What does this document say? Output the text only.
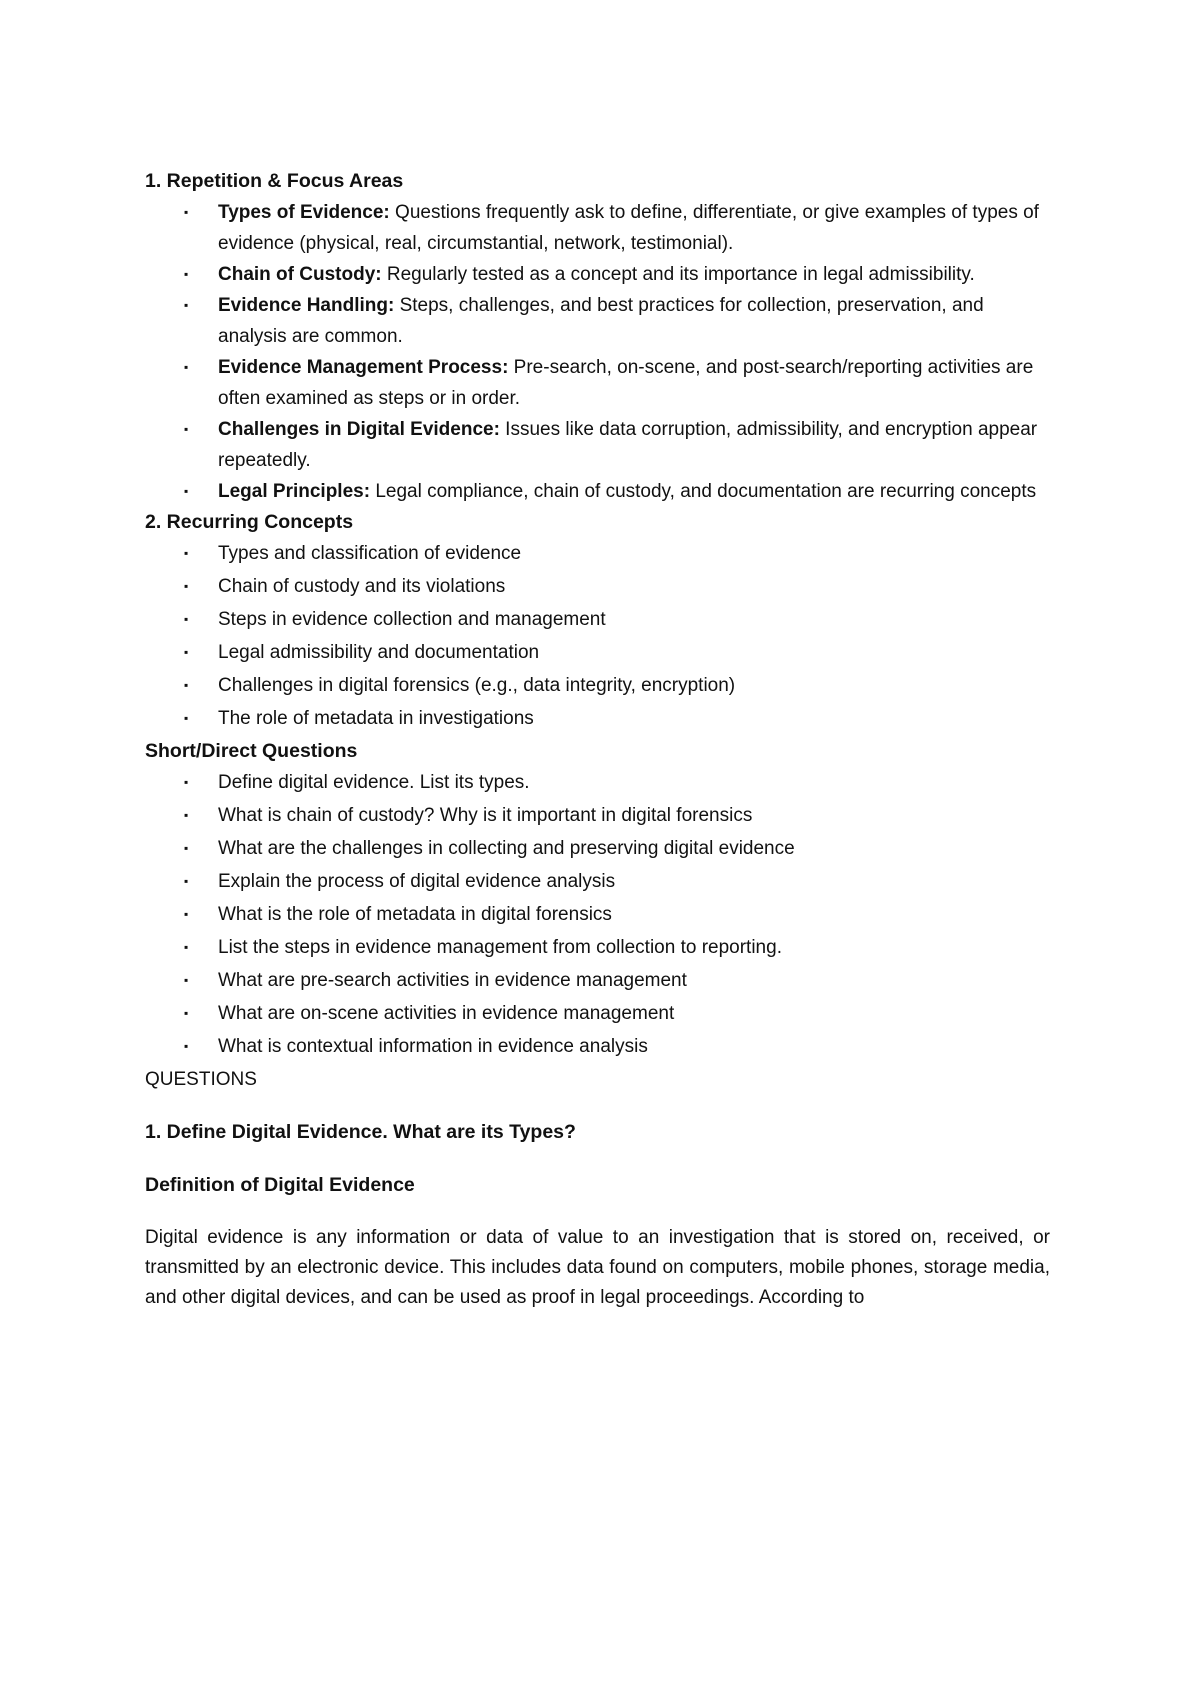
1. Repetition & Focus Areas

▪ Types of Evidence: Questions frequently ask to define, differentiate, or give examples of types of evidence (physical, real, circumstantial, network, testimonial).
▪ Chain of Custody: Regularly tested as a concept and its importance in legal admissibility.
▪ Evidence Handling: Steps, challenges, and best practices for collection, preservation, and analysis are common.
▪ Evidence Management Process: Pre-search, on-scene, and post-search/reporting activities are often examined as steps or in order.
▪ Challenges in Digital Evidence: Issues like data corruption, admissibility, and encryption appear repeatedly.
▪ Legal Principles: Legal compliance, chain of custody, and documentation are recurring concepts

2. Recurring Concepts

▪ Types and classification of evidence
▪ Chain of custody and its violations
▪ Steps in evidence collection and management
▪ Legal admissibility and documentation
▪ Challenges in digital forensics (e.g., data integrity, encryption)
▪ The role of metadata in investigations

Short/Direct Questions

▪ Define digital evidence. List its types.
▪ What is chain of custody? Why is it important in digital forensics
▪ What are the challenges in collecting and preserving digital evidence
▪ Explain the process of digital evidence analysis
▪ What is the role of metadata in digital forensics
▪ List the steps in evidence management from collection to reporting.
▪ What are pre-search activities in evidence management
▪ What are on-scene activities in evidence management
▪ What is contextual information in evidence analysis

QUESTIONS

1. Define Digital Evidence. What are its Types?

Definition of Digital Evidence

Digital evidence is any information or data of value to an investigation that is stored on, received, or transmitted by an electronic device. This includes data found on computers, mobile phones, storage media, and other digital devices, and can be used as proof in legal proceedings. According to
